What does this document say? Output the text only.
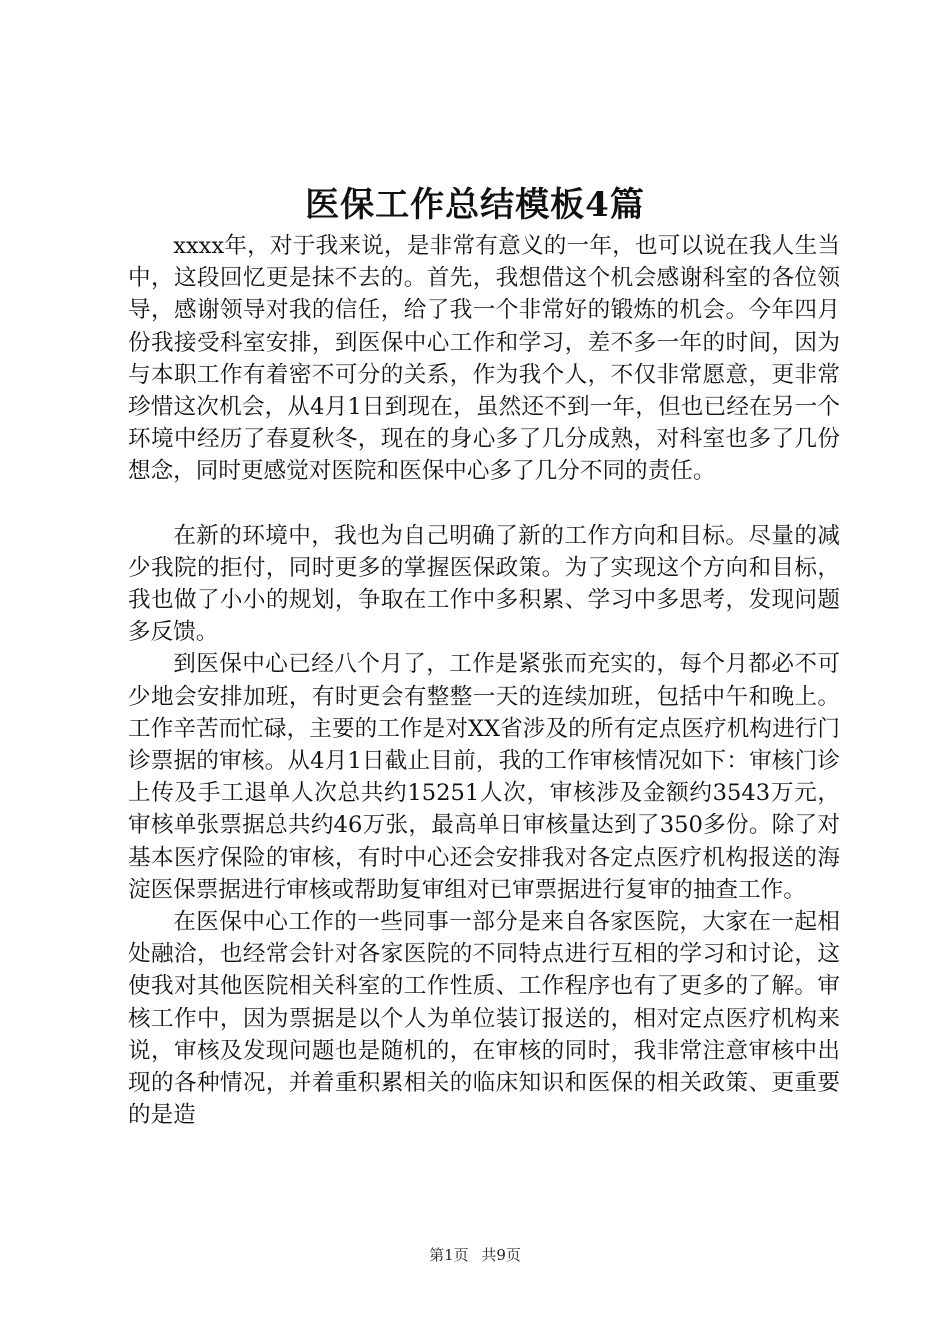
医保工作总结模板4篇

xxxx年，对于我来说，是非常有意义的一年，也可以说在我人生当中，这段回忆更是抹不去的。首先，我想借这个机会感谢科室的各位领导，感谢领导对我的信任，给了我一个非常好的锻炼的机会。今年四月份我接受科室安排，到医保中心工作和学习，差不多一年的时间，因为与本职工作有着密不可分的关系，作为我个人，不仅非常愿意，更非常珍惜这次机会，从4月1日到现在，虽然还不到一年，但也已经在另一个环境中经历了春夏秋冬，现在的身心多了几分成熟，对科室也多了几份想念，同时更感觉对医院和医保中心多了几分不同的责任。

在新的环境中，我也为自己明确了新的工作方向和目标。尽量的减少我院的拒付，同时更多的掌握医保政策。为了实现这个方向和目标，我也做了小小的规划，争取在工作中多积累、学习中多思考，发现问题多反馈。

到医保中心已经八个月了，工作是紧张而充实的，每个月都必不可少地会安排加班，有时更会有整整一天的连续加班，包括中午和晚上。工作辛苦而忙碌，主要的工作是对XX省涉及的所有定点医疗机构进行门诊票据的审核。从4月1日截止目前，我的工作审核情况如下：审核门诊上传及手工退单人次总共约15251人次，审核涉及金额约3543万元，审核单张票据总共约46万张，最高单日审核量达到了350多份。除了对基本医疗保险的审核，有时中心还会安排我对各定点医疗机构报送的海淀医保票据进行审核或帮助复审组对已审票据进行复审的抽查工作。

在医保中心工作的一些同事一部分是来自各家医院，大家在一起相处融洽，也经常会针对各家医院的不同特点进行互相的学习和讨论，这使我对其他医院相关科室的工作性质、工作程序也有了更多的了解。审核工作中，因为票据是以个人为单位装订报送的，相对定点医疗机构来说，审核及发现问题也是随机的，在审核的同时，我非常注意审核中出现的各种情况，并着重积累相关的临床知识和医保的相关政策、更重要的是造

第1页 共9页
